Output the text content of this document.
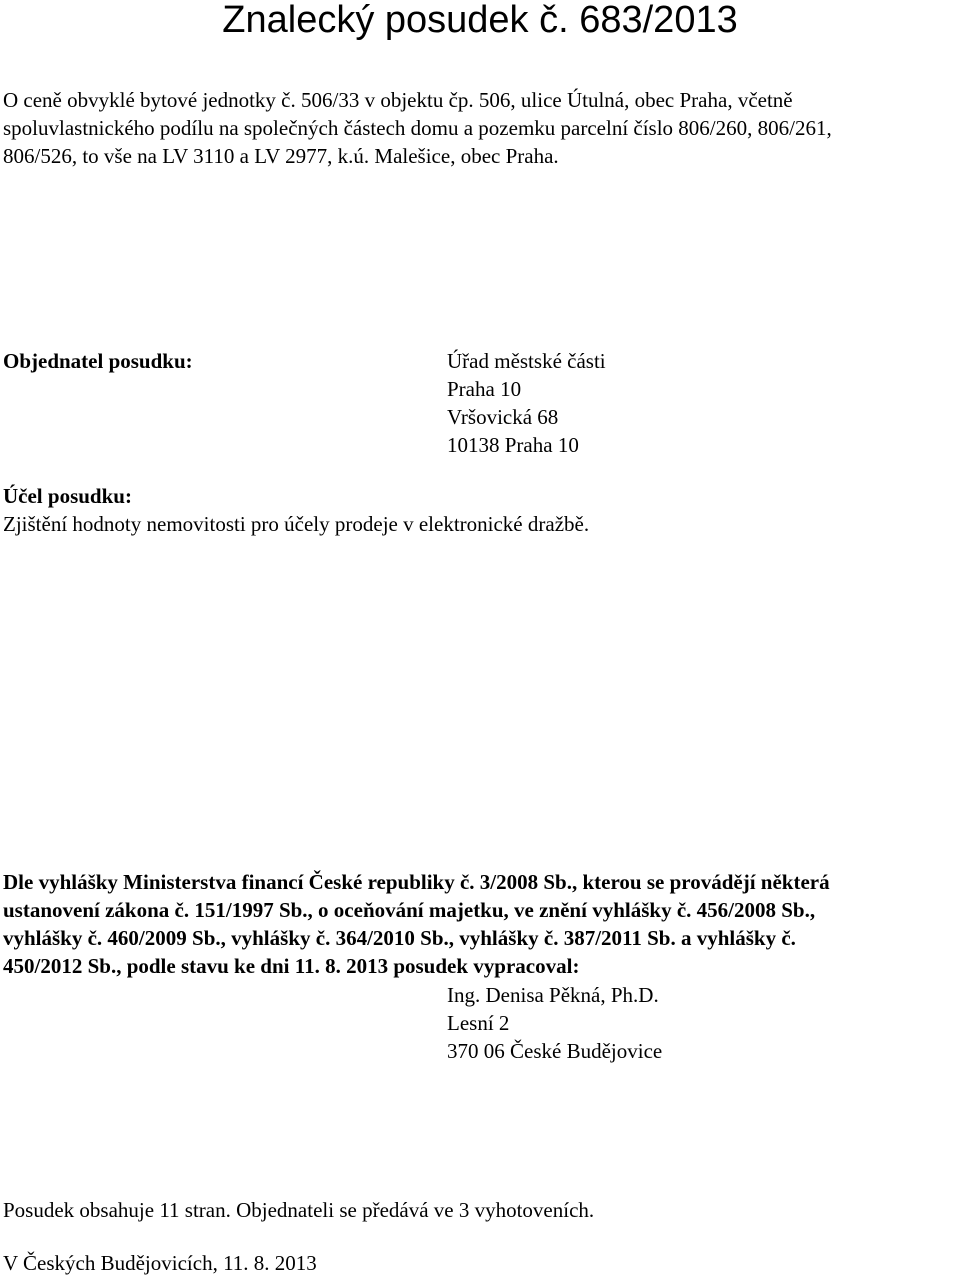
Znalecký posudek č. 683/2013
O ceně obvyklé bytové jednotky č. 506/33 v objektu čp. 506, ulice Útulná, obec Praha, včetně
spoluvlastnického podílu na společných částech domu a pozemku parcelní číslo 806/260, 806/261,
806/526, to vše na LV 3110 a LV 2977, k.ú. Malešice, obec Praha.
Objednatel posudku:	Úřad městské části
Praha 10
Vršovická 68
10138 Praha 10
Účel posudku:
Zjištění hodnoty nemovitosti pro účely prodeje v elektronické dražbě.
Dle vyhlášky Ministerstva financí České republiky č. 3/2008 Sb., kterou se provádějí některá
ustanovení zákona č. 151/1997 Sb., o oceňování majetku, ve znění vyhlášky č. 456/2008 Sb.,
vyhlášky č. 460/2009 Sb., vyhlášky č. 364/2010 Sb., vyhlášky č. 387/2011 Sb. a vyhlášky č.
450/2012 Sb., podle stavu ke dni 11. 8. 2013 posudek vypracoval:
Ing. Denisa Pěkná, Ph.D.
Lesní 2
370 06 České Budějovice
Posudek obsahuje 11 stran. Objednateli se předává ve 3 vyhotoveních.
V Českých Budějovicích, 11. 8. 2013
